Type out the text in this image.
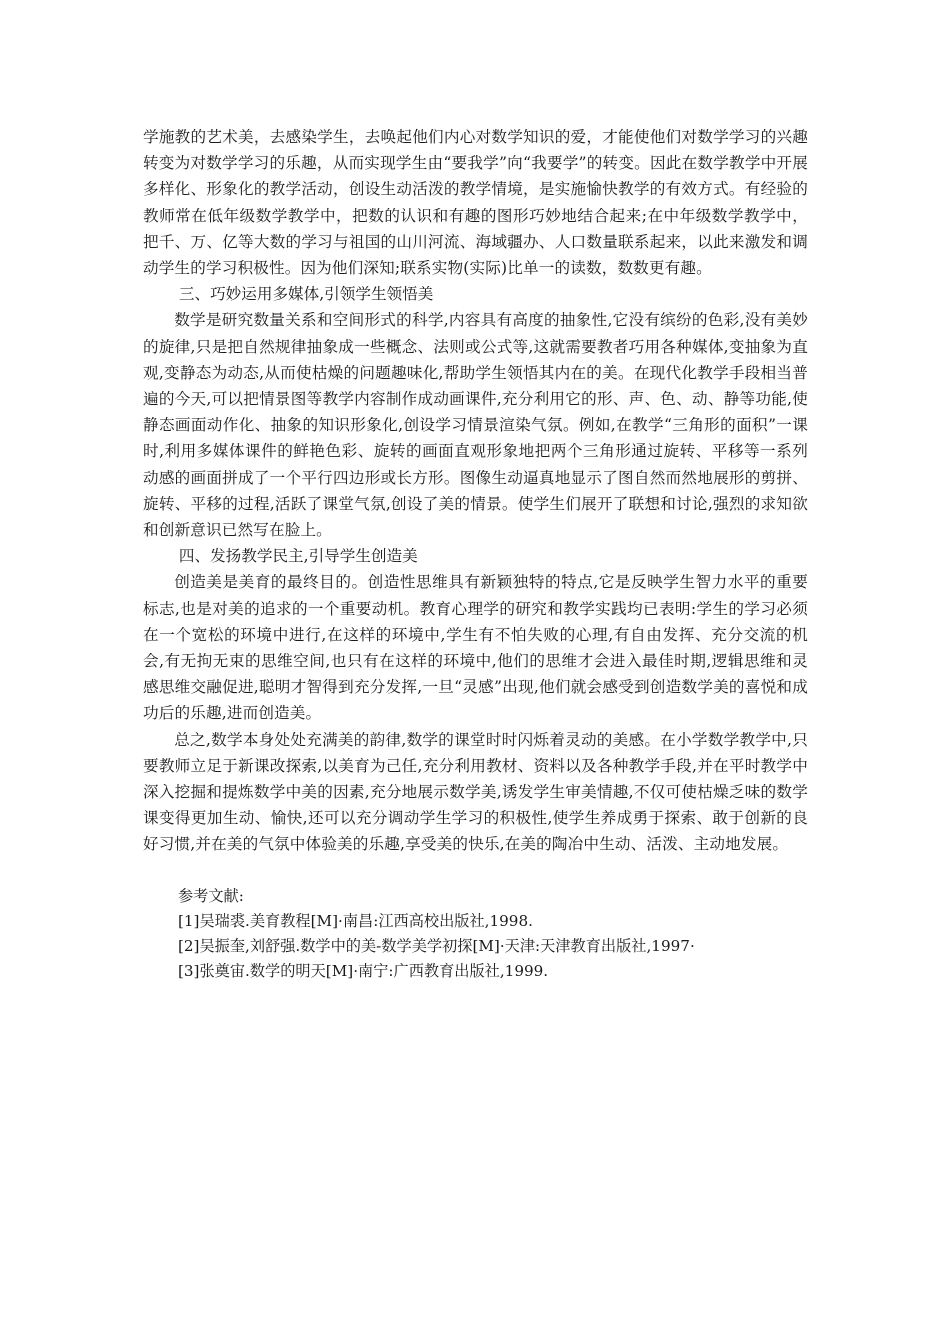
学施教的艺术美，去感染学生，去唤起他们内心对数学知识的爱，才能使他们对数学学习的兴趣转变为对数学学习的乐趣，从而实现学生由“要我学”向“我要学”的转变。因此在数学教学中开展多样化、形象化的教学活动，创设生动活泼的教学情境，是实施愉快教学的有效方式。有经验的教师常在低年级数学教学中，把数的认识和有趣的图形巧妙地结合起来;在中年级数学教学中，把千、万、亿等大数的学习与祖国的山川河流、海域疆办、人口数量联系起来，以此来激发和调动学生的学习积极性。因为他们深知;联系实物(实际)比单一的读数，数数更有趣。

三、巧妙运用多媒体,引领学生领悟美

数学是研究数量关系和空间形式的科学,内容具有高度的抽象性,它没有缤纷的色彩,没有美妙的旋律,只是把自然规律抽象成一些概念、法则或公式等,这就需要教者巧用各种媒体,变抽象为直观,变静态为动态,从而使枯燥的问题趣味化,帮助学生领悟其内在的美。在现代化教学手段相当普遍的今天,可以把情景图等教学内容制作成动画课件,充分利用它的形、声、色、动、静等功能,使静态画面动作化、抽象的知识形象化,创设学习情景渲染气氛。例如,在教学“三角形的面积”一课时,利用多媒体课件的鲜艳色彩、旋转的画面直观形象地把两个三角形通过旋转、平移等一系列动感的画面拼成了一个平行四边形或长方形。图像生动逼真地显示了图自然而然地展形的剪拼、旋转、平移的过程,活跃了课堂气氛,创设了美的情景。使学生们展开了联想和讨论,强烈的求知欲和创新意识已然写在脸上。

四、发扬教学民主,引导学生创造美

创造美是美育的最终目的。创造性思维具有新颖独特的特点,它是反映学生智力水平的重要标志,也是对美的追求的一个重要动机。教育心理学的研究和教学实践均已表明:学生的学习必须在一个宽松的环境中进行,在这样的环境中,学生有不怕失败的心理,有自由发挥、充分交流的机会,有无拘无束的思维空间,也只有在这样的环境中,他们的思维才会进入最佳时期,逻辑思维和灵感思维交融促进,聪明才智得到充分发挥,一旦“灵感”出现,他们就会感受到创造数学美的喜悦和成功后的乐趣,进而创造美。

总之,数学本身处处充满美的韵律,数学的课堂时时闪烁着灵动的美感。在小学数学教学中,只要教师立足于新课改探索,以美育为己任,充分利用教材、资料以及各种教学手段,并在平时教学中深入挖掘和提炼数学中美的因素,充分地展示数学美,诱发学生审美情趣,不仅可使枯燥乏味的数学课变得更加生动、愉快,还可以充分调动学生学习的积极性,使学生养成勇于探索、敢于创新的良好习惯,并在美的气氛中体验美的乐趣,享受美的快乐,在美的陶冶中生动、活泼、主动地发展。

参考文献:

[1]吴瑞裘.美育教程[M]·南昌:江西高校出版社,1998.

[2]吴振奎,刘舒强.数学中的美-数学美学初探[M]·天津:天津教育出版社,1997·

[3]张奠宙.数学的明天[M]·南宁:广西教育出版社,1999.
